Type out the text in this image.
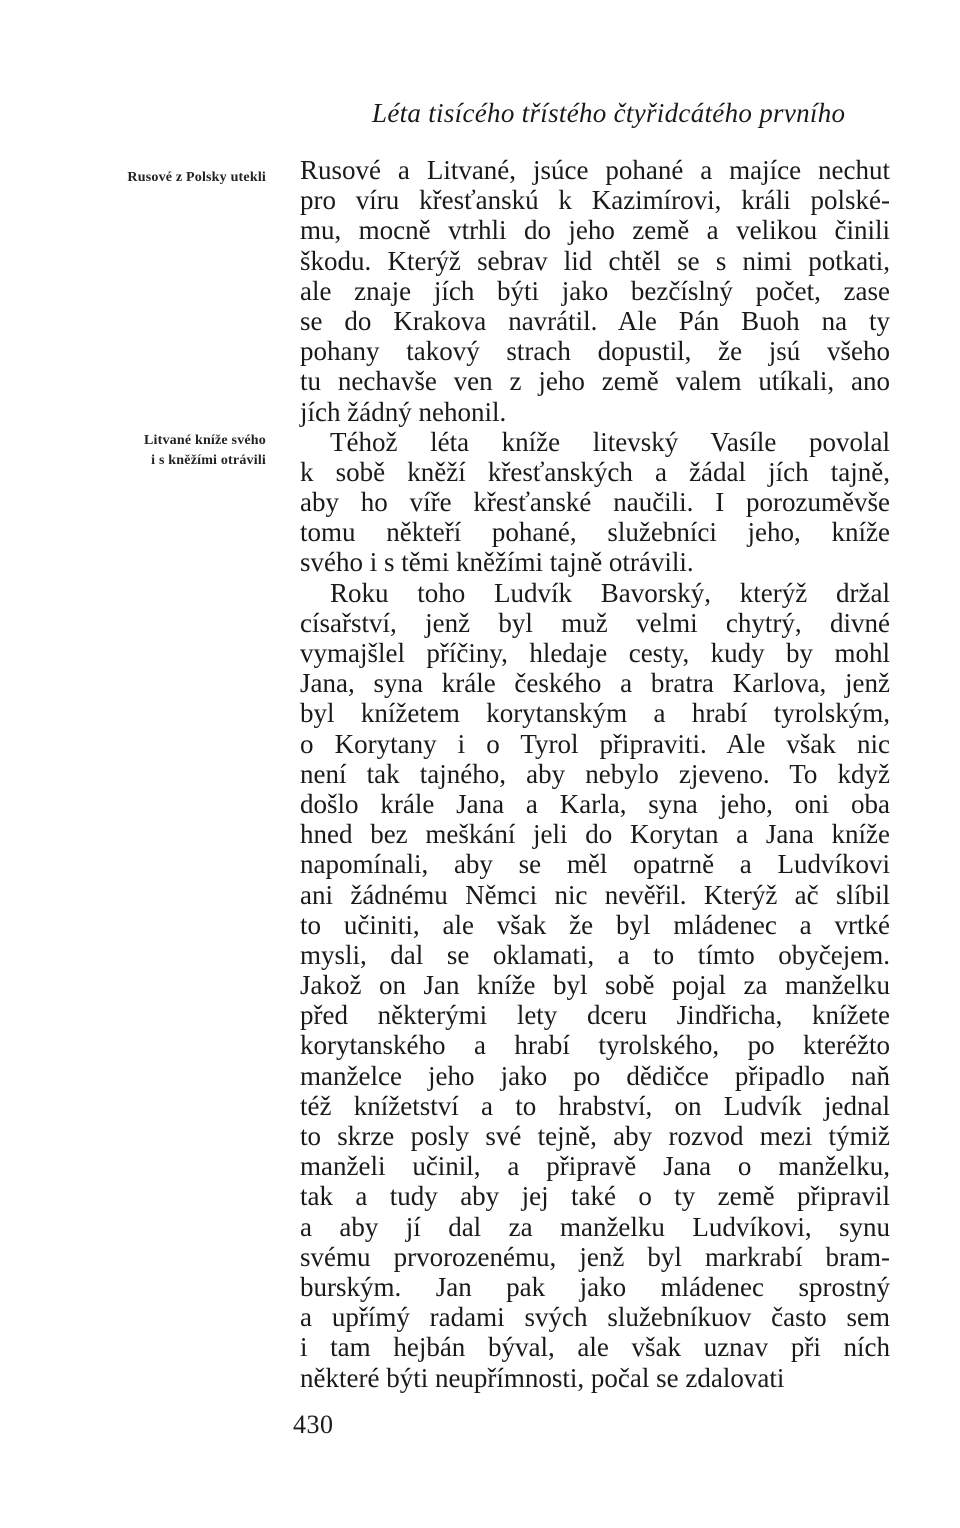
Léta tisícého třístého čtyřidcátého prvního
Rusové z Polsky utekli
Litvané kníže svého
i s kněžími otrávili
Rusové a Litvané, jsúce pohané a majíce nechut
pro víru křesťanskú k Kazimírovi, králi polské-
mu, mocně vtrhli do jeho země a velikou činili
škodu. Kterýž sebrav lid chtěl se s nimi potkati,
ale znaje jích býti jako bezčíslný počet, zase
se do Krakova navrátil. Ale Pán Buoh na ty
pohany takový strach dopustil, že jsú všeho
tu nechavše ven z jeho země valem utíkali, ano
jích žádný nehonil.
Téhož léta kníže litevský Vasíle povolal
k sobě kněží křesťanských a žádal jích tajně,
aby ho víře křesťanské naučili. I porozuměvše
tomu někteří pohané, služebníci jeho, kníže
svého i s těmi kněžími tajně otrávili.
Roku toho Ludvík Bavorský, kterýž držal
císařství, jenž byl muž velmi chytrý, divné
vymajšlel příčiny, hledaje cesty, kudy by mohl
Jana, syna krále českého a bratra Karlova, jenž
byl knížetem korytanským a hrabí tyrolským,
o Korytany i o Tyrol připraviti. Ale však nic
není tak tajného, aby nebylo zjeveno. To když
došlo krále Jana a Karla, syna jeho, oni oba
hned bez meškání jeli do Korytan a Jana kníže
napomínali, aby se měl opatrně a Ludvíkovi
ani žádnému Němci nic nevěřil. Kterýž ač slíbil
to učiniti, ale však že byl mládenec a vrtké
mysli, dal se oklamati, a to tímto obyčejem.
Jakož on Jan kníže byl sobě pojal za manželku
před některými lety dceru Jindřicha, knížete
korytanského a hrabí tyrolského, po kteréžto
manželce jeho jako po dědičce připadlo naň
též knížetství a to hrabství, on Ludvík jednal
to skrze posly své tejně, aby rozvod mezi týmiž
manželi učinil, a připravě Jana o manželku,
tak a tudy aby jej také o ty země připravil
a aby jí dal za manželku Ludvíkovi, synu
svému prvorozenému, jenž byl markrabí bram-
burským. Jan pak jako mládenec sprostný
a upřímý radami svých služebníkuov často sem
i tam hejbán býval, ale však uznav při ních
některé býti neupřímnosti, počal se zdalovati
430
